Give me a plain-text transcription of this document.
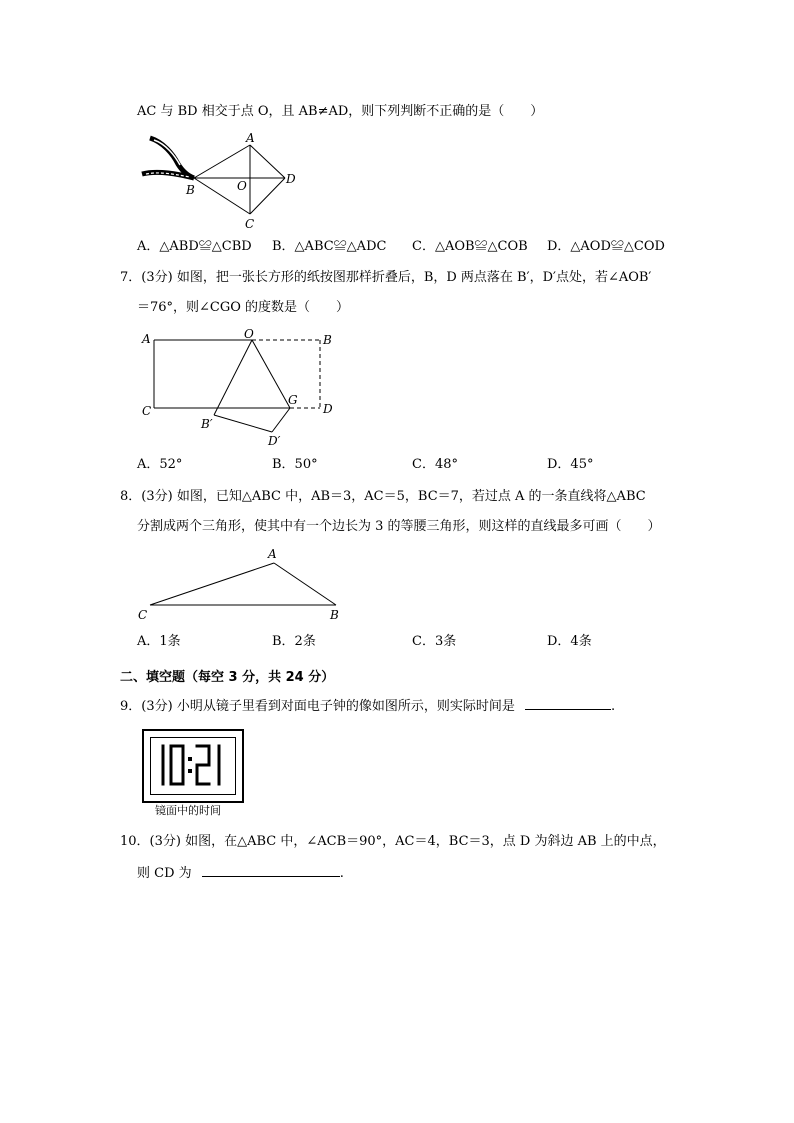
AC 与 BD 相交于点 O，且 AB≠AD，则下列判断不正确的是（　　）
A
B	O	D
C
A．△ABD≌△CBD B．△ABC≌△ADC C．△AOB≌△COB D．△AOD≌△COD
7．(3分) 如图，把一张长方形的纸按图那样折叠后，B，D 两点落在 B′，D′点处，若∠AOB′
＝76°，则∠CGO 的度数是（　　）
A	O	B
C
G
D
B′
D′
A．52°	B．50°	C．48°	D．45°
8．(3分) 如图，已知△ABC 中，AB＝3，AC＝5，BC＝7，若过点 A 的一条直线将△ABC
分割成两个三角形，使其中有一个边长为 3 的等腰三角形，则这样的直线最多可画（　　）
A
C	B
A．1条	B．2条	C．3条	D．4条
二、填空题（每空 3 分，共 24 分）
9．(3分) 小明从镜子里看到对面电子钟的像如图所示，则实际时间是	.
镜面中的时间
10．(3分) 如图，在△ABC 中，∠ACB＝90°，AC＝4，BC＝3，点 D 为斜边 AB 上的中点，
则 CD 为	.
